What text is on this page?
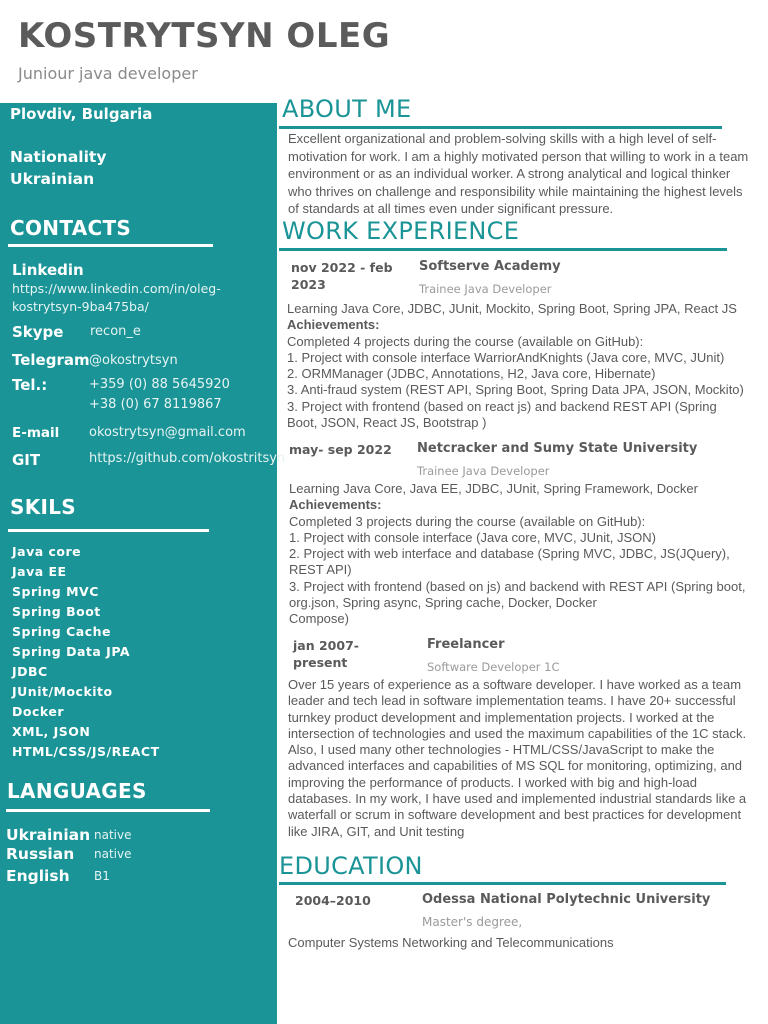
KOSTRYTSYN OLEG
Juniour java developer
Plovdiv, Bulgaria
Nationality
Ukrainian
CONTACTS
Linkedin
https://www.linkedin.com/in/oleg-
kostrytsyn-9ba475ba/
Skype recon_e
Telegram @okostrytsyn
Tel.:	+359 (0) 88 5645920
+38 (0) 67 8119867
E-mail okostrytsyn@gmail.com
GIT	https://github.com/okostritsyn
SKILS
Java core
Java EE
Spring MVC
Spring Boot
Spring Cache
Spring Data JPA
JDBC
JUnit/Mockito
Docker
XML, JSON
HTML/CSS/JS/REACT
LANGUAGES
Ukrainian native
Russian native
English B1
ABOUT ME
Excellent organizational and problem-solving skills with a high level of self-
motivation for work. I am a highly motivated person that willing to work in a team
environment or as an individual worker. A strong analytical and logical thinker
who thrives on challenge and responsibility while maintaining the highest levels
of standards at all times even under significant pressure.
WORK EXPERIENCE
nov 2022 - feb
2023
Softserve Academy
Trainee Java Developer
Learning Java Core, JDBC, JUnit, Mockito, Spring Boot, Spring JPA, React JS
Achievements:
Completed 4 projects during the course (available on GitHub):
1. Project with console interface WarriorAndKnights (Java core, MVC, JUnit)
2. ORMManager (JDBC, Annotations, H2, Java core, Hibernate)
3. Anti-fraud system (REST API, Spring Boot, Spring Data JPA, JSON, Mockito)
3. Project with frontend (based on react js) and backend REST API (Spring
Boot, JSON, React JS, Bootstrap )
may- sep 2022 Netcracker and Sumy State University
Trainee Java Developer
Learning Java Core, Java EE, JDBC, JUnit, Spring Framework, Docker
Achievements:
Completed 3 projects during the course (available on GitHub):
1. Project with console interface (Java core, MVC, JUnit, JSON)
2. Project with web interface and database (Spring MVC, JDBC, JS(JQuery),
REST API)
3. Project with frontend (based on js) and backend with REST API (Spring boot,
org.json, Spring async, Spring cache, Docker, Docker
Compose)
jan 2007-
present
Freelancer
Software Developer 1C
Over 15 years of experience as a software developer. I have worked as a team
leader and tech lead in software implementation teams. I have 20+ successful
turnkey product development and implementation projects. I worked at the
intersection of technologies and used the maximum capabilities of the 1C stack.
Also, I used many other technologies - HTML/CSS/JavaScript to make the
advanced interfaces and capabilities of MS SQL for monitoring, optimizing, and
improving the performance of products. I worked with big and high-load
databases. In my work, I have used and implemented industrial standards like a
waterfall or scrum in software development and best practices for development
like JIRA, GIT, and Unit testing
EDUCATION
2004–2010	Odessa National Polytechnic University
Master's degree,
Computer Systems Networking and Telecommunications
